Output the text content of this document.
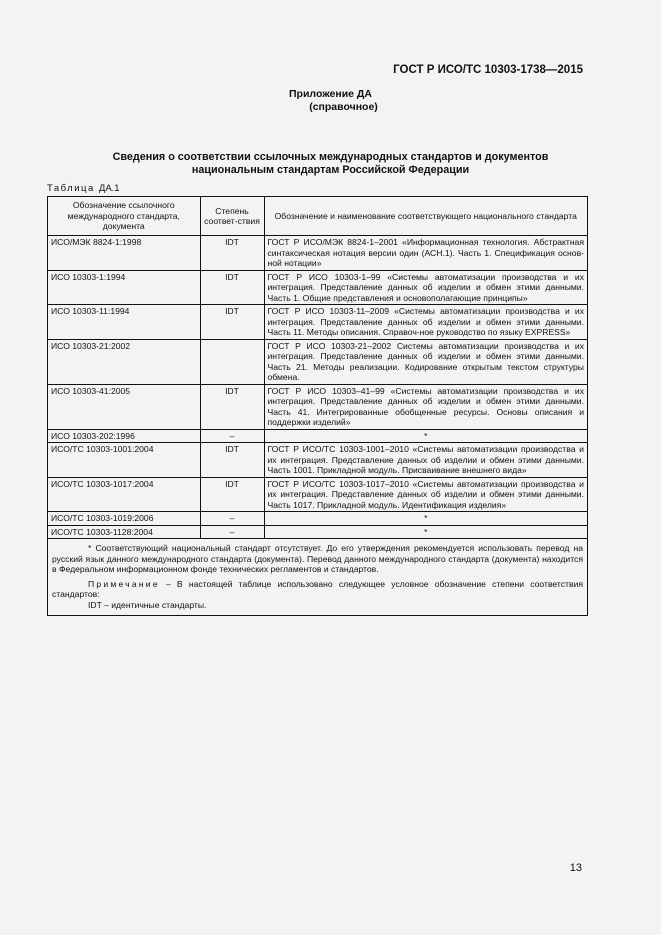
ГОСТ Р ИСО/ТС 10303-1738—2015
Приложение ДА
(справочное)
Сведения о соответствии ссылочных международных стандартов и документов
национальным стандартам Российской Федерации
Таблица ДА.1
Обозначение ссылочного международного стандарта, документа	Степень соответ-ствия	Обозначение и наименование соответствующего национального стандарта
ИСО/МЭК 8824-1:1998	IDT	ГОСТ Р ИСО/МЭК 8824-1–2001 «Информационная технология. Абстрактная синтаксическая нотация версии один (АСН.1). Часть 1. Спецификация основ-ной нотации»
ИСО 10303-1:1994	IDT	ГОСТ Р ИСО 10303-1–99 «Системы автоматизации производства и их интеграция. Представление данных об изделии и обмен этими данными. Часть 1. Общие представления и основополагающие принципы»
ИСО 10303-11:1994	IDT	ГОСТ Р ИСО 10303-11–2009 «Системы автоматизации производства и их интеграция. Представление данных об изделии и обмен этими данными. Часть 11. Методы описания. Справоч-ное руководство по языку EXPRESS»
ИСО 10303-21:2002		ГОСТ Р ИСО 10303-21–2002 Системы автоматизации производства и их интеграция. Представление данных об изделии и обмен этими данными. Часть 21. Методы реализации. Кодирование открытым текстом структуры обмена.
ИСО 10303-41:2005	IDT	ГОСТ Р ИСО 10303–41–99 «Системы автоматизации производства и их интеграция. Представление данных об изделии и обмен этими данными. Часть 41. Интегрированные обобщенные ресурсы. Основы описания и поддержки изделий»
ИСО 10303-202:1996	–	*
ИСО/ТС 10303-1001:2004	IDT	ГОСТ Р ИСО/ТС 10303-1001–2010 «Системы автоматизации производства и их интеграция. Представление данных об изделии и обмен этими данными. Часть 1001. Прикладной модуль. Присваивание внешнего вида»
ИСО/ТС 10303-1017:2004	IDT	ГОСТ Р ИСО/ТС 10303-1017–2010 «Системы автоматизации производства и их интеграция. Представление данных об изделии и обмен этими данными. Часть 1017. Прикладной модуль. Идентификация изделия»
ИСО/ТС 10303-1019:2006	–	*
ИСО/ТС 10303-1128:2004	–	*

* Соответствующий национальный стандарт отсутствует. До его утверждения рекомендуется использовать перевод на русский язык данного международного стандарта (документа). Перевод данного международного стандарта (документа) находится в Федеральном информационном фонде технических регламентов и стандартов.

Примечание – В настоящей таблице использовано следующее условное обозначение степени соответствия стандартов:

IDT – идентичные стандарты.

13
